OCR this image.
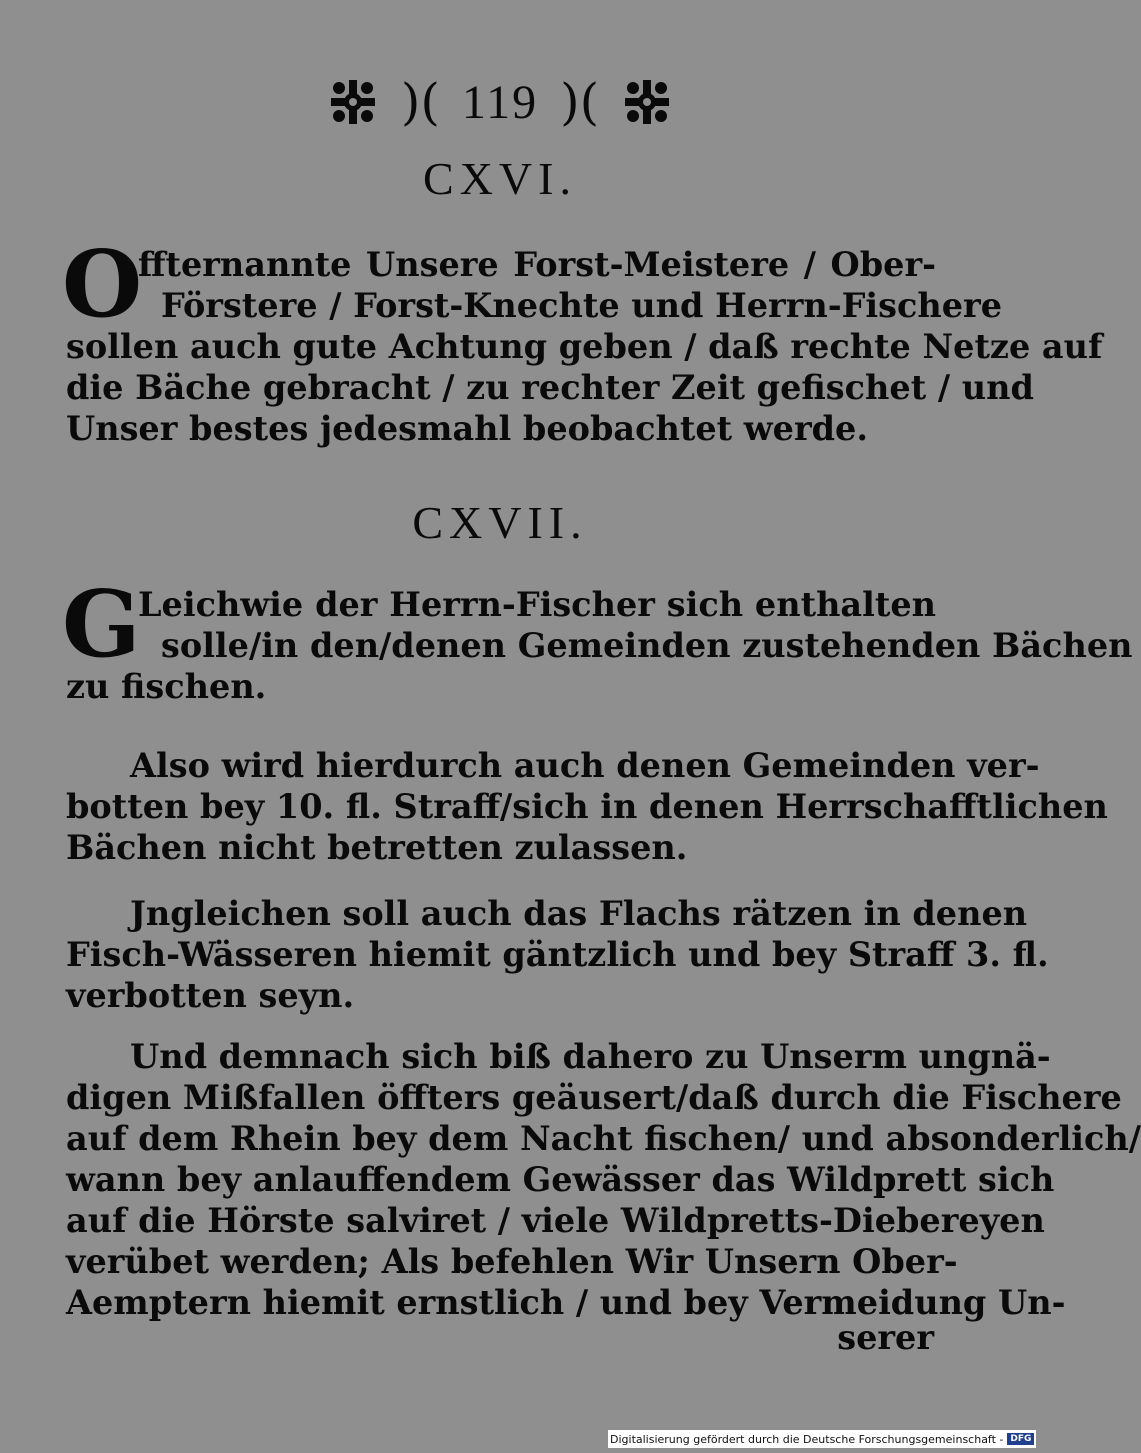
)( 119 )(
CXVI.
O
ffternannte Unsere Forst-Meistere / Ober-
Förstere / Forst-Knechte und Herrn-Fischere
sollen auch gute Achtung geben / daß rechte Netze auf
die Bäche gebracht / zu rechter Zeit gefischet / und
Unser bestes jedesmahl beobachtet werde.
CXVII.
G
Leichwie der Herrn-Fischer sich enthalten
solle/in den/denen Gemeinden zustehenden Bächen
zu fischen.
Also wird hierdurch auch denen Gemeinden ver-
botten bey 10. fl. Straff/sich in denen Herrschafftlichen
Bächen nicht betretten zulassen.
Jngleichen soll auch das Flachs rätzen in denen
Fisch-Wässeren hiemit gäntzlich und bey Straff 3. fl.
verbotten seyn.
Und demnach sich biß dahero zu Unserm ungnä-
digen Mißfallen öffters geäusert/daß durch die Fischere
auf dem Rhein bey dem Nacht fischen/ und absonderlich/
wann bey anlauffendem Gewässer das Wildprett sich
auf die Hörste salviret / viele Wildpretts-Diebereyen
verübet werden; Als befehlen Wir Unsern Ober-
Aemptern hiemit ernstlich / und bey Vermeidung Un-
serer
Digitalisierung gefördert durch die Deutsche Forschungsgemeinschaft - DFG
